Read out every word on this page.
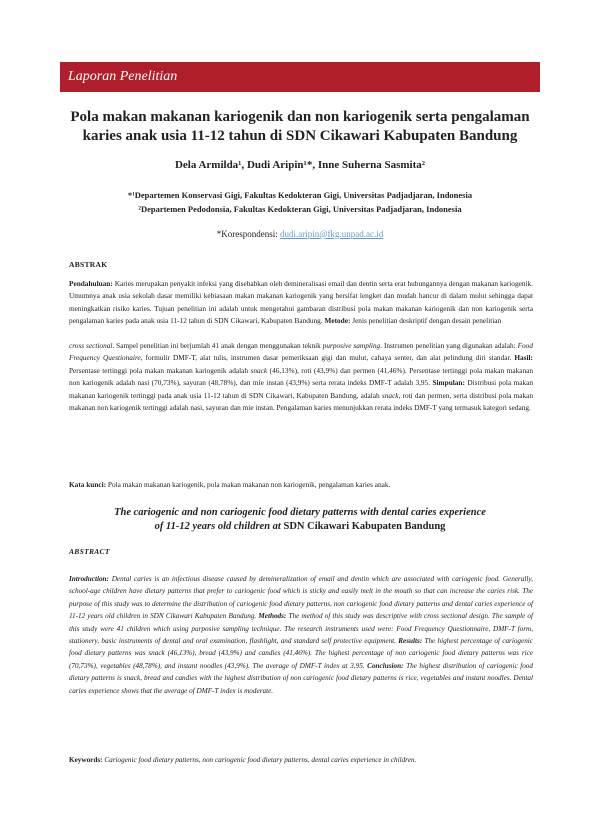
Laporan Penelitian
Pola makan makanan kariogenik dan non kariogenik serta pengalaman
karies anak usia 11-12 tahun di SDN Cikawari Kabupaten Bandung
Dela Armilda¹, Dudi Aripin¹*, Inne Suherna Sasmita²
*¹Departemen Konservasi Gigi, Fakultas Kedokteran Gigi, Universitas Padjadjaran, Indonesia
²Departemen Pedodonsia, Fakultas Kedokteran Gigi, Universitas Padjadjaran, Indonesia
*Korespondensi: dudi.aripin@fkg.unpad.ac.id
ABSTRAK
Pendahuluan: Karies merupakan penyakit infeksi yang disebabkan oleh demineralisasi email dan dentin serta erat hubungannya dengan makanan kariogenik. Umumnya anak usia sekolah dasar memiliki kebiasaan makan makanan kariogenik yang bersifat lengket dan mudah hancur di dalam mulut sehingga dapat meningkatkan risiko karies. Tujuan penelitian ini adalah untuk mengetahui gambaran distribusi pola makan makanan kariogenik dan non kariogenik serta pengalaman karies pada anak usia 11-12 tahun di SDN Cikawari, Kabupaten Bandung. Metode: Jenis penelitian deskriptif dengan desain penelitian
cross sectional. Sampel penelitian ini berjumlah 41 anak dengan menggunakan teknik purposive sampling. Instrumen penelitian yang digunakan adalah: Food Frequency Questionaire, formulir DMF-T, alat tulis, instrumen dasar pemeriksaan gigi dan mulut, cahaya senter, dan alat pelindung diri standar. Hasil: Persentase tertinggi pola makan makanan kariogenik adalah snack (46,13%), roti (43,9%) dan permen (41,46%). Persentase tertinggi pola makan makanan non kariogenik adalah nasi (70,73%), sayuran (48,78%), dan mie instan (43,9%) serta rerata indeks DMF-T adalah 3,95. Simpulan: Distribusi pola makan makanan kariogenik tertinggi pada anak usia 11-12 tahun di SDN Cikawari, Kabupaten Bandung, adalah snack, roti dan permen, serta distribusi pola makan makanan non kariogenik tertinggi adalah nasi, sayuran dan mie instan. Pengalaman karies menunjukkan rerata indeks DMF-T yang termasuk kategori sedang.
Kata kunci: Pola makan makanan kariogenik, pola makan makanan non kariogenik, pengalaman karies anak.
The cariogenic and non cariogenic food dietary patterns with dental caries experience
of 11-12 years old children at SDN Cikawari Kabupaten Bandung
ABSTRACT
Introduction: Dental caries is an infectious disease caused by demineralization of email and dentin which are associated with cariogenic food. Generally, school-age children have dietary patterns that prefer to cariogenic food which is sticky and easily melt in the mouth so that can increase the caries risk. The purpose of this study was to determine the distribution of cariogenic food dietary patterns, non cariogenic food dietary patterns and dental caries experience of 11-12 years old children in SDN Cikawari Kabupaten Bandung. Methods: The method of this study was descriptive with cross sectional design. The sample of this study were 41 children which using purposive sampling technique. The research instruments used were: Food Frequency Questionnaire, DMF-T form, stationery, basic instruments of dental and oral examination, flashlight, and standard self protective equipment. Results: The highest percentage of cariogenic food dietary patterns was snack (46,13%), bread (43,9%) and candies (41,46%). The highest percentage of non cariogenic food dietary patterns was rice (70,73%), vegetables (48,78%), and instant noodles (43,9%). The average of DMF-T index at 3,95. Conclusion: The highest distribution of cariogenic food dietary patterns is snack, bread and candies with the highest distribution of non cariogenic food dietary patterns is rice, vegetables and instant noodles. Dental caries experience shows that the average of DMF-T index is moderate.
Keywords: Cariogenic food dietary patterns, non cariogenic food dietary patterns, dental caries experience in children.
